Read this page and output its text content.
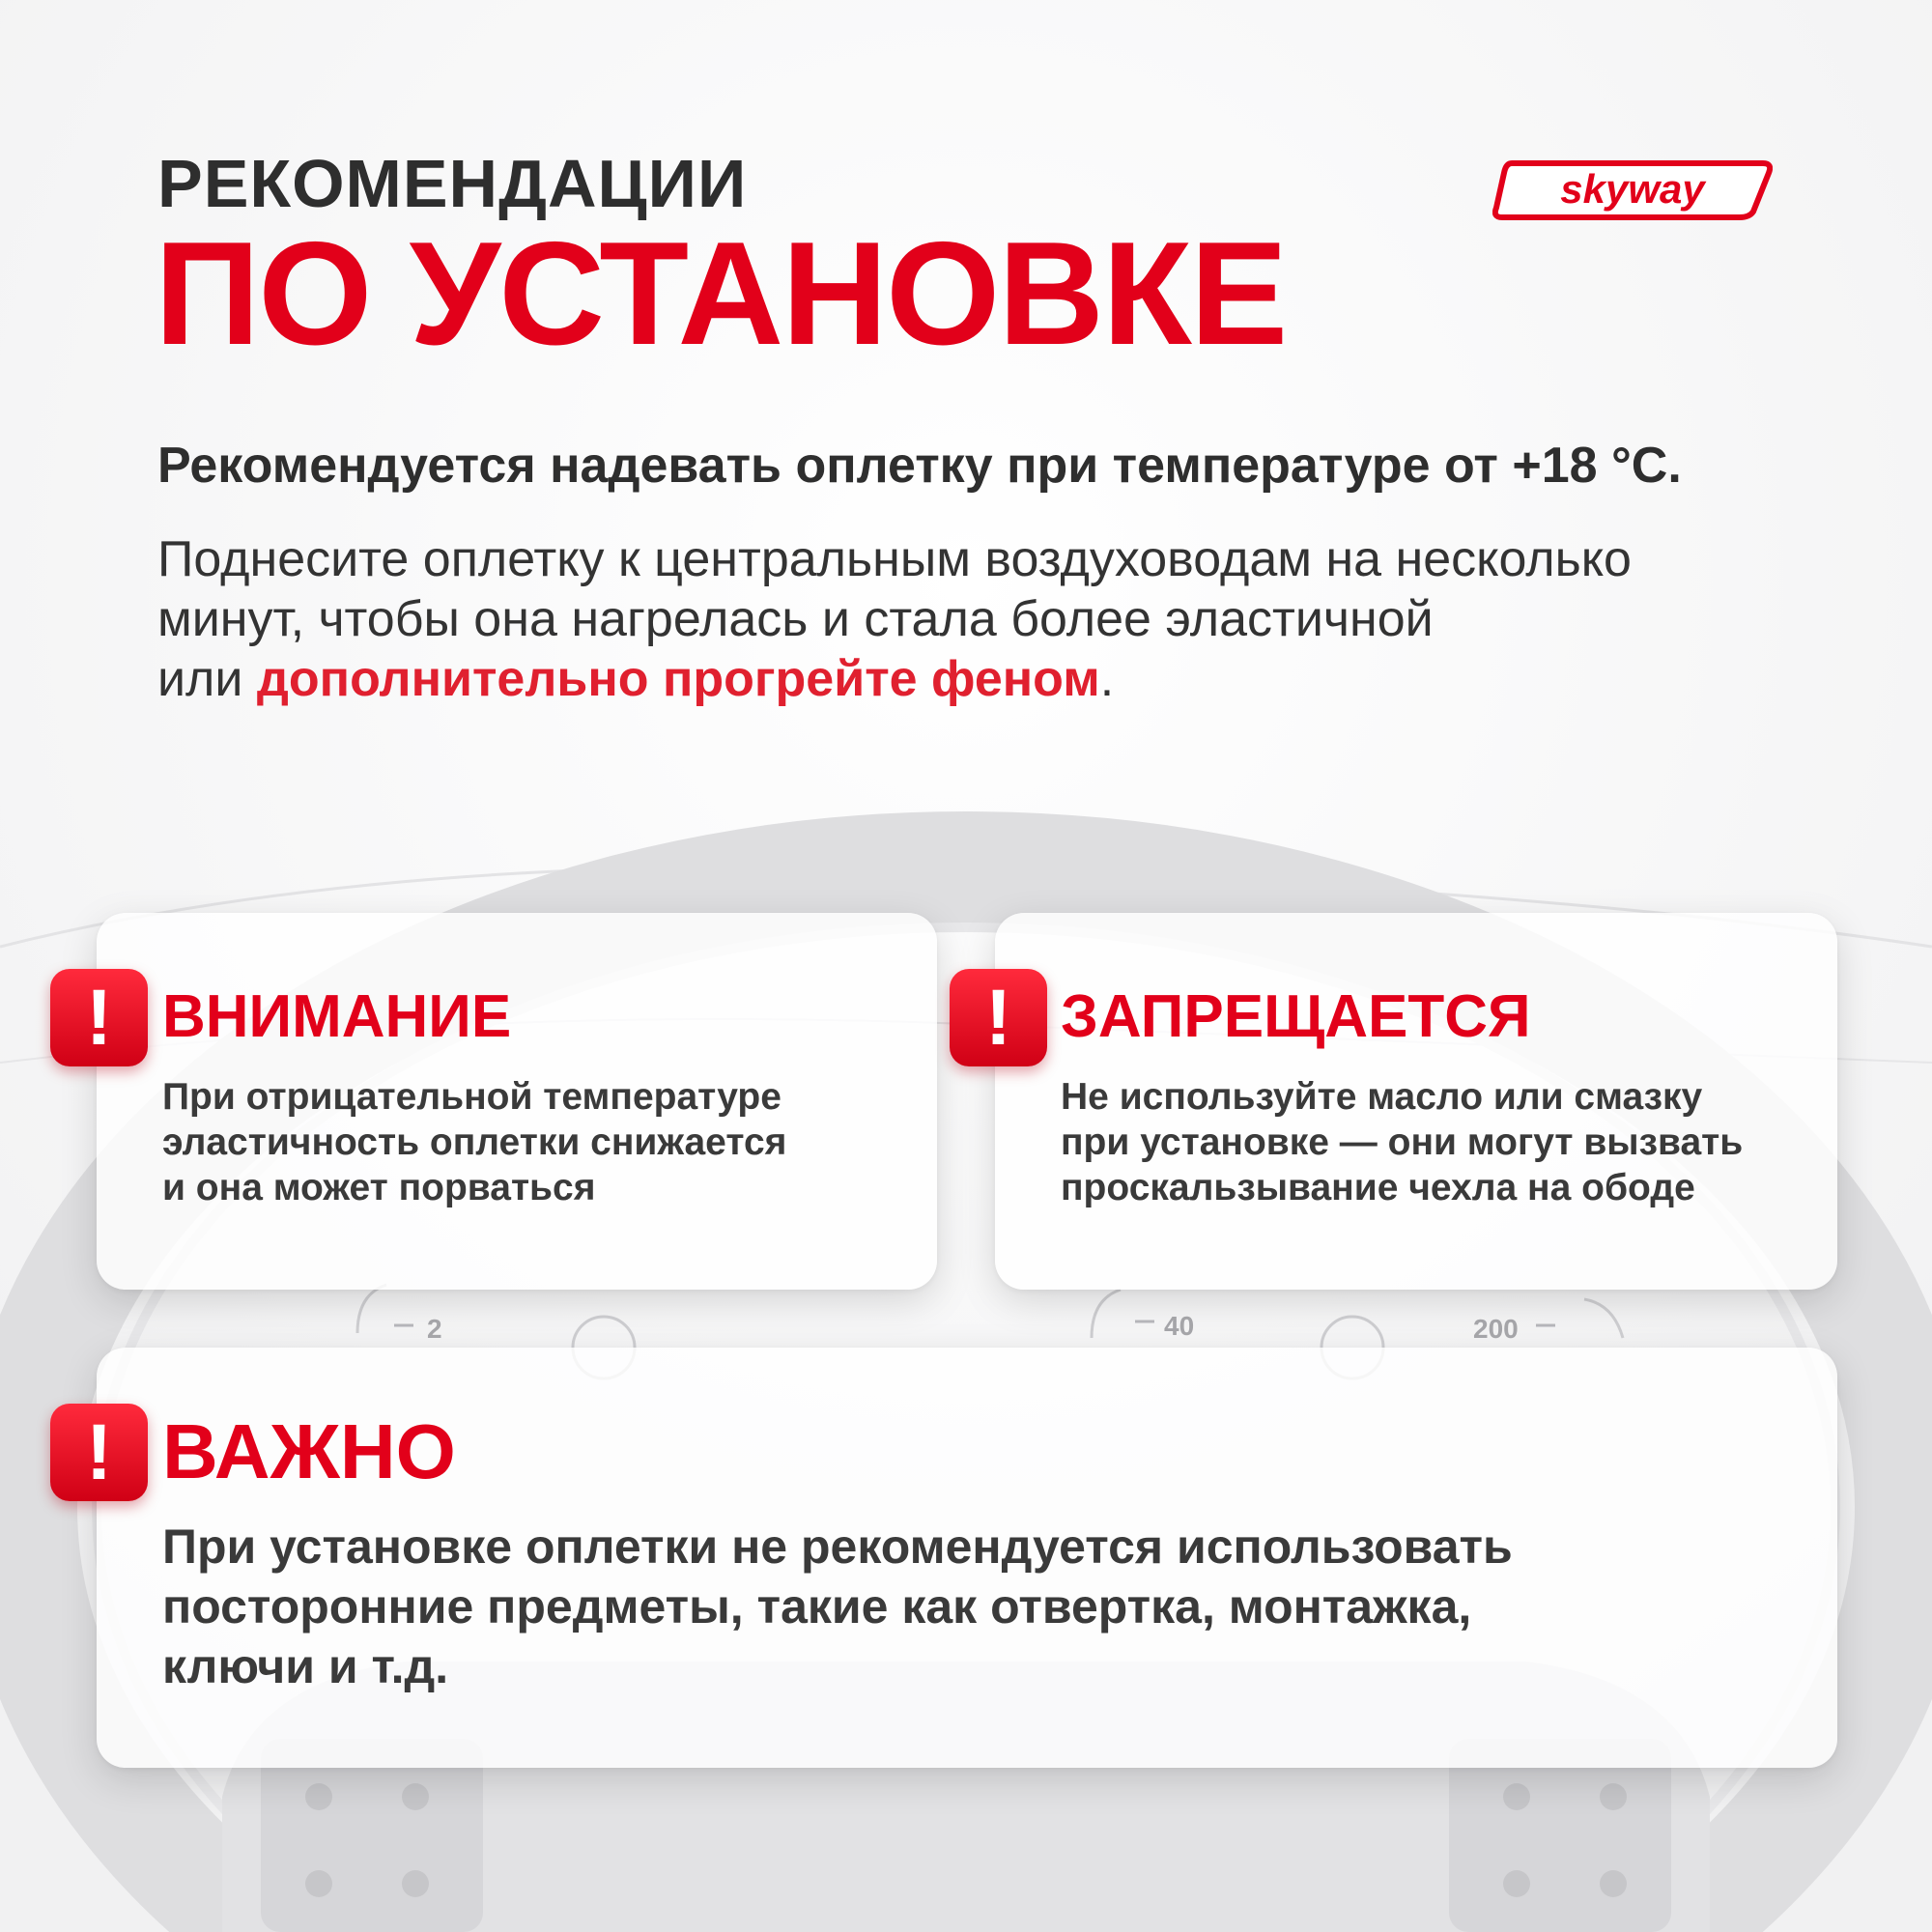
2	40	200
РЕКОМЕНДАЦИИ
ПО УСТАНОВКЕ
skyway
Рекомендуется надевать оплетку при температуре от +18 °C.

Поднесите оплетку к центральным воздуховодам на несколько
минут, чтобы она нагрелась и стала более эластичной
или дополнительно прогрейте феном.

! ВНИМАНИЕ

При отрицательной температуре
эластичность оплетки снижается
и она может порваться

! ЗАПРЕЩАЕТСЯ

Не используйте масло или смазку
при установке — они могут вызвать
проскальзывание чехла на ободе

! ВАЖНО

При установке оплетки не рекомендуется использовать
посторонние предметы, такие как отвертка, монтажка,
ключи и т.д.
